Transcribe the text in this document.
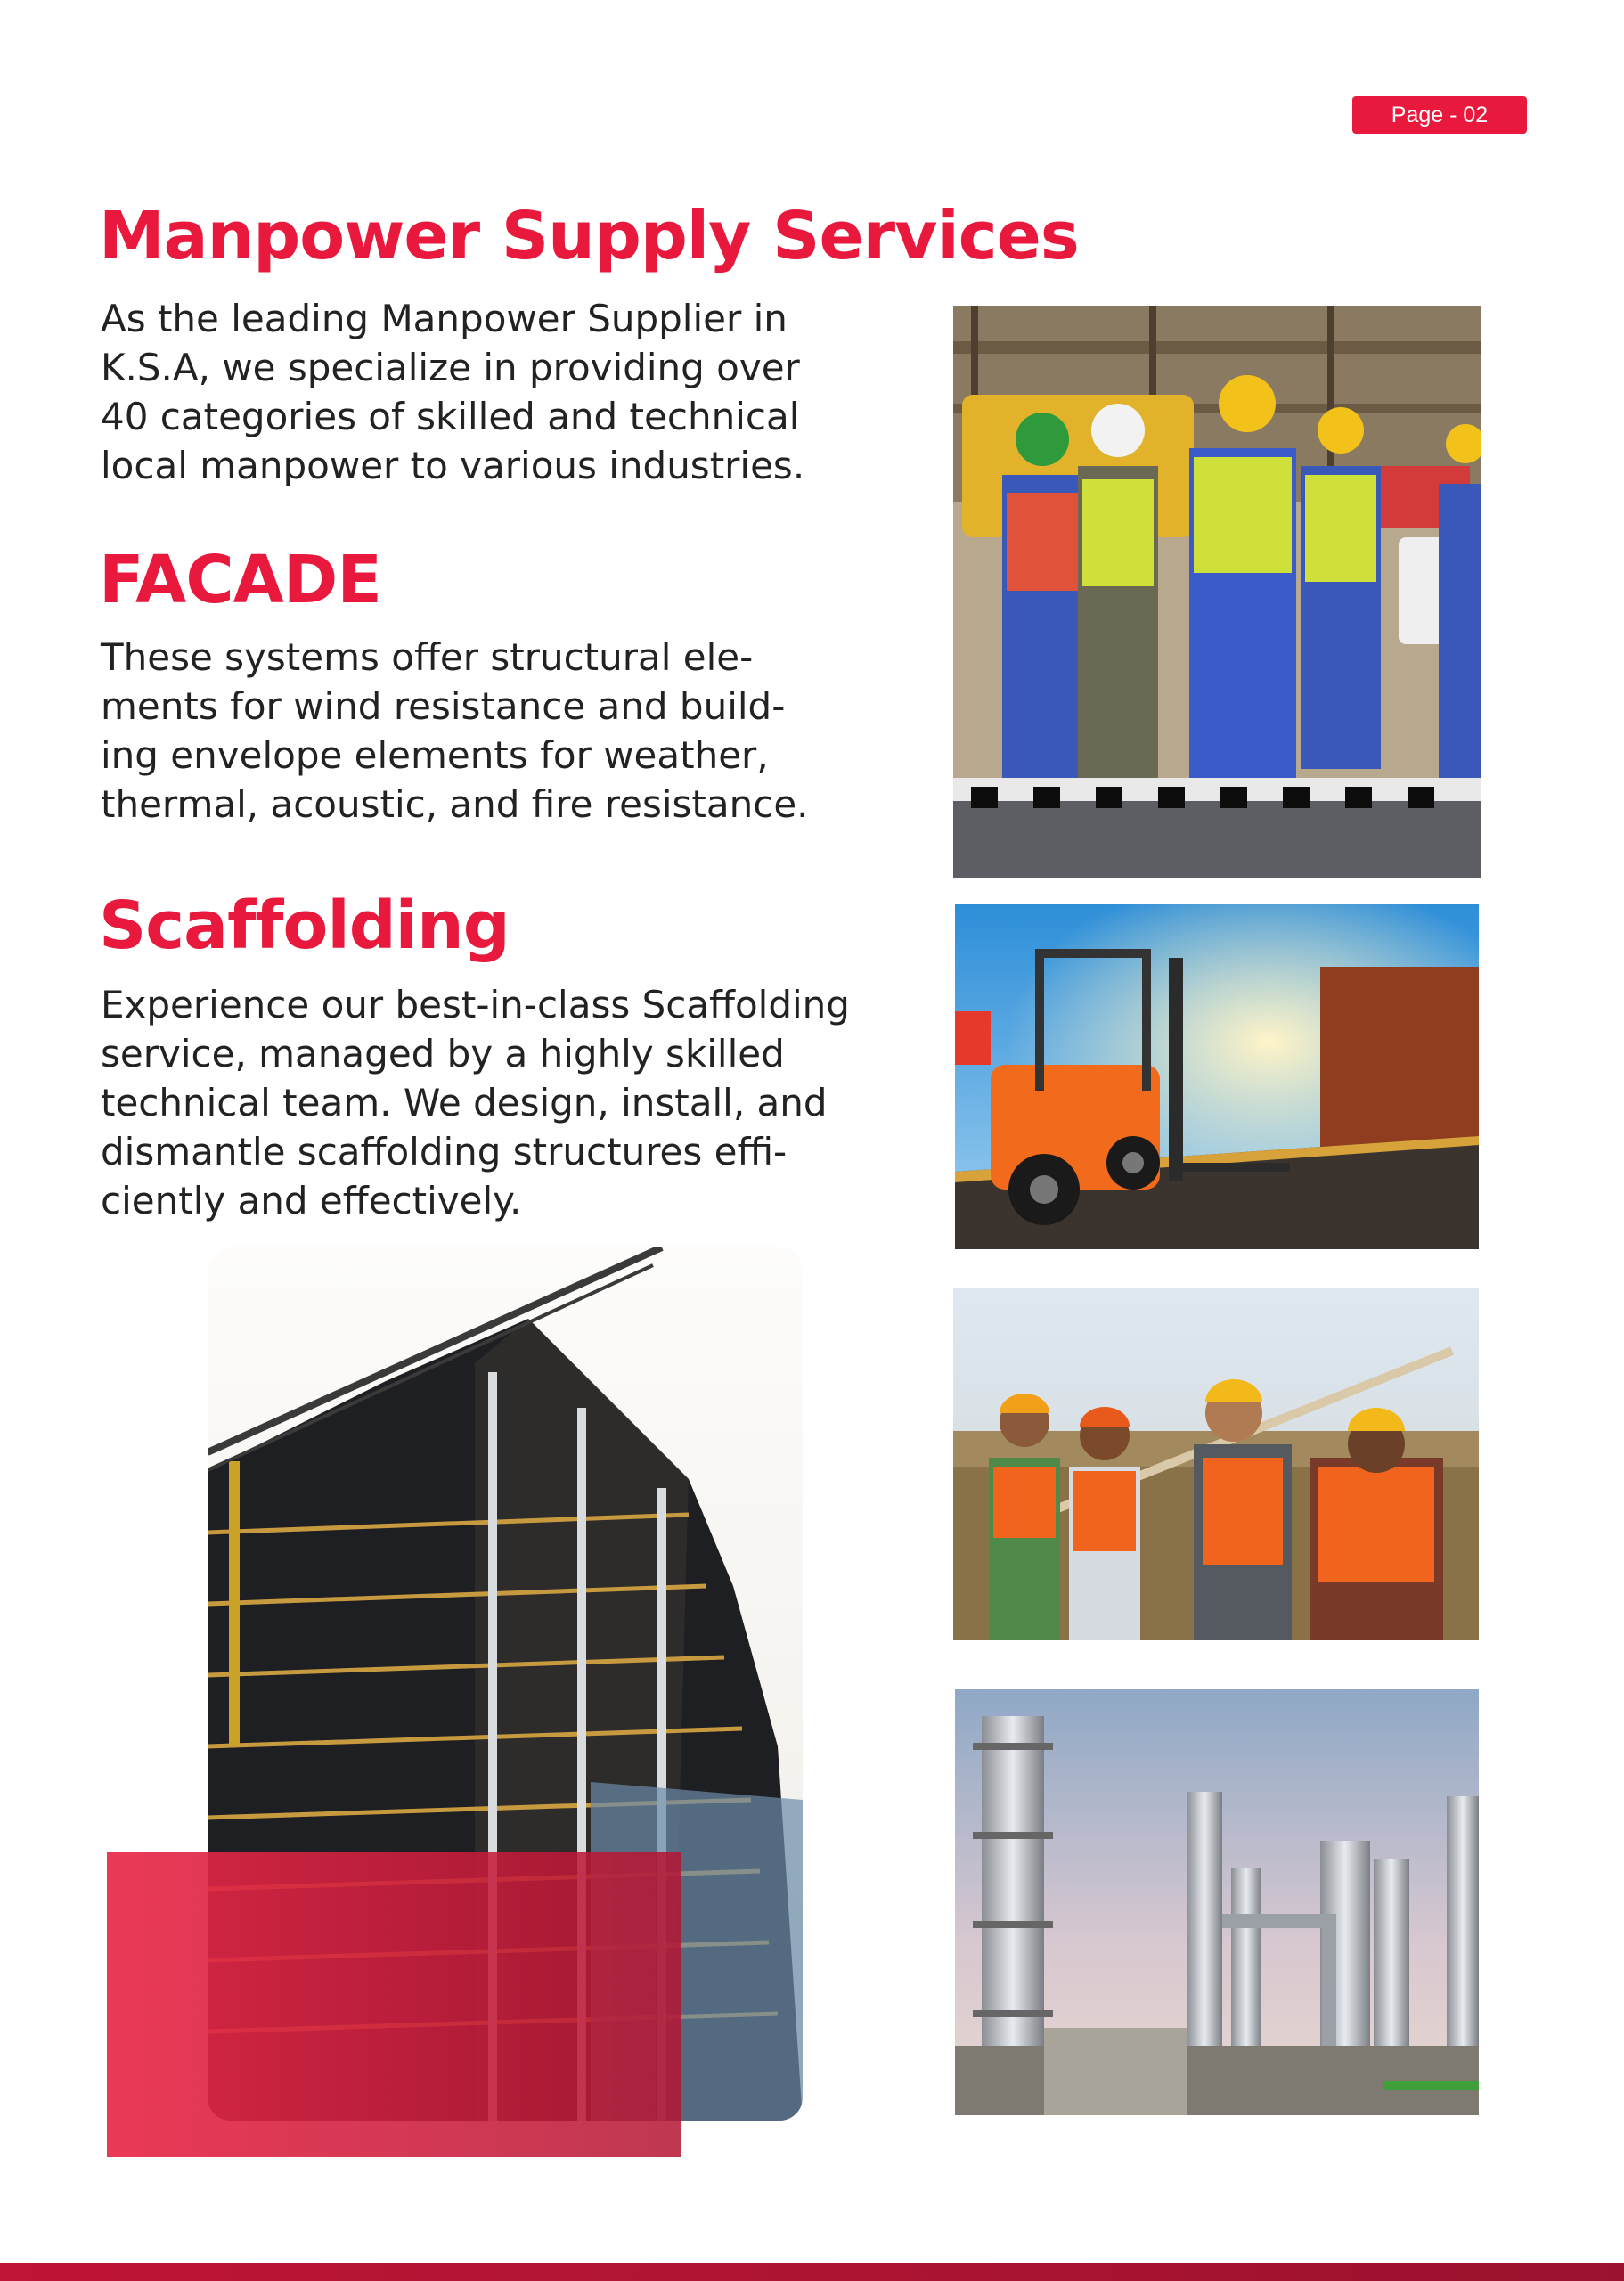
Page - 02
Manpower Supply Services

As the leading Manpower Supplier in
K.S.A, we specialize in providing over
40 categories of skilled and technical
local manpower to various industries.

FACADE

These systems offer structural ele-
ments for wind resistance and build-
ing envelope elements for weather,
thermal, acoustic, and fire resistance.

Scaffolding

Experience our best-in-class Scaffolding
service, managed by a highly skilled
technical team. We design, install, and
dismantle scaffolding structures effi-
ciently and effectively.
